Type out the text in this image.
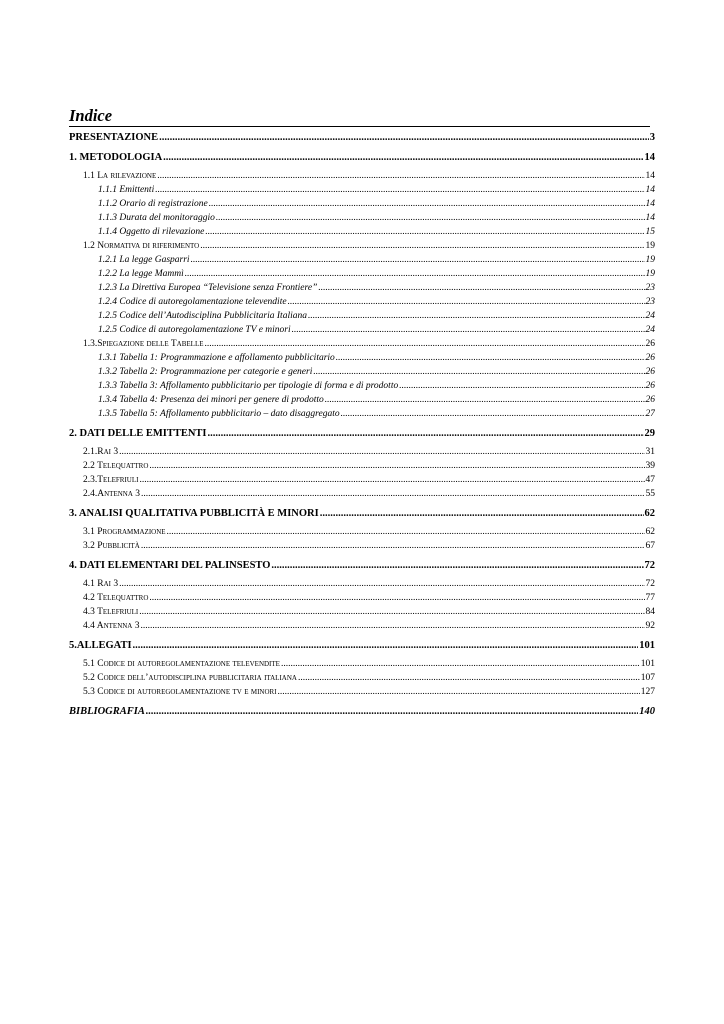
Indice
PRESENTAZIONE .....	3
1. METODOLOGIA .....	14
1.1 La rilevazione .....	14
1.1.1 Emittenti .....	14
1.1.2 Orario di registrazione .....	14
1.1.3 Durata del monitoraggio .....	14
1.1.4 Oggetto di rilevazione .....	15
1.2 Normativa di riferimento .....	19
1.2.1 La legge Gasparri .....	19
1.2.2 La legge Mammì .....	19
1.2.3 La Direttiva Europea “Televisione senza Frontiere” .....	23
1.2.4 Codice di autoregolamentazione televendite .....	23
1.2.5 Codice dell’Autodisciplina Pubblicitaria Italiana .....	24
1.2.5 Codice di autoregolamentazione TV e minori .....	24
1.3.Spiegazione delle Tabelle .....	26
1.3.1 Tabella 1: Programmazione e affollamento pubblicitario .....	26
1.3.2 Tabella 2: Programmazione per categorie e generi .....	26
1.3.3 Tabella 3: Affollamento pubblicitario per tipologie di forma e di prodotto .....	26
1.3.4 Tabella 4: Presenza dei minori per genere di prodotto .....	26
1.3.5 Tabella 5: Affollamento pubblicitario – dato disaggregato .....	27
2. DATI DELLE EMITTENTI .....	29
2.1.Rai 3 .....	31
2.2 Telequattro .....	39
2.3.Telefriuli .....	47
2.4.Antenna 3 .....	55
3. ANALISI QUALITATIVA PUBBLICITÀ E MINORI .....	62
3.1 Programmazione .....	62
3.2 Pubblicità .....	67
4. DATI ELEMENTARI DEL PALINSESTO .....	72
4.1 Rai 3 .....	72
4.2 Telequattro .....	77
4.3 Telefriuli .....	84
4.4 Antenna 3 .....	92
5.ALLEGATI .....	101
5.1 Codice di autoregolamentazione televendite .....	101
5.2 Codice dell’autodisciplina pubblicitaria italiana .....	107
5.3 Codice di autoregolamentazione tv e minori .....	127
BIBLIOGRAFIA .....	140
